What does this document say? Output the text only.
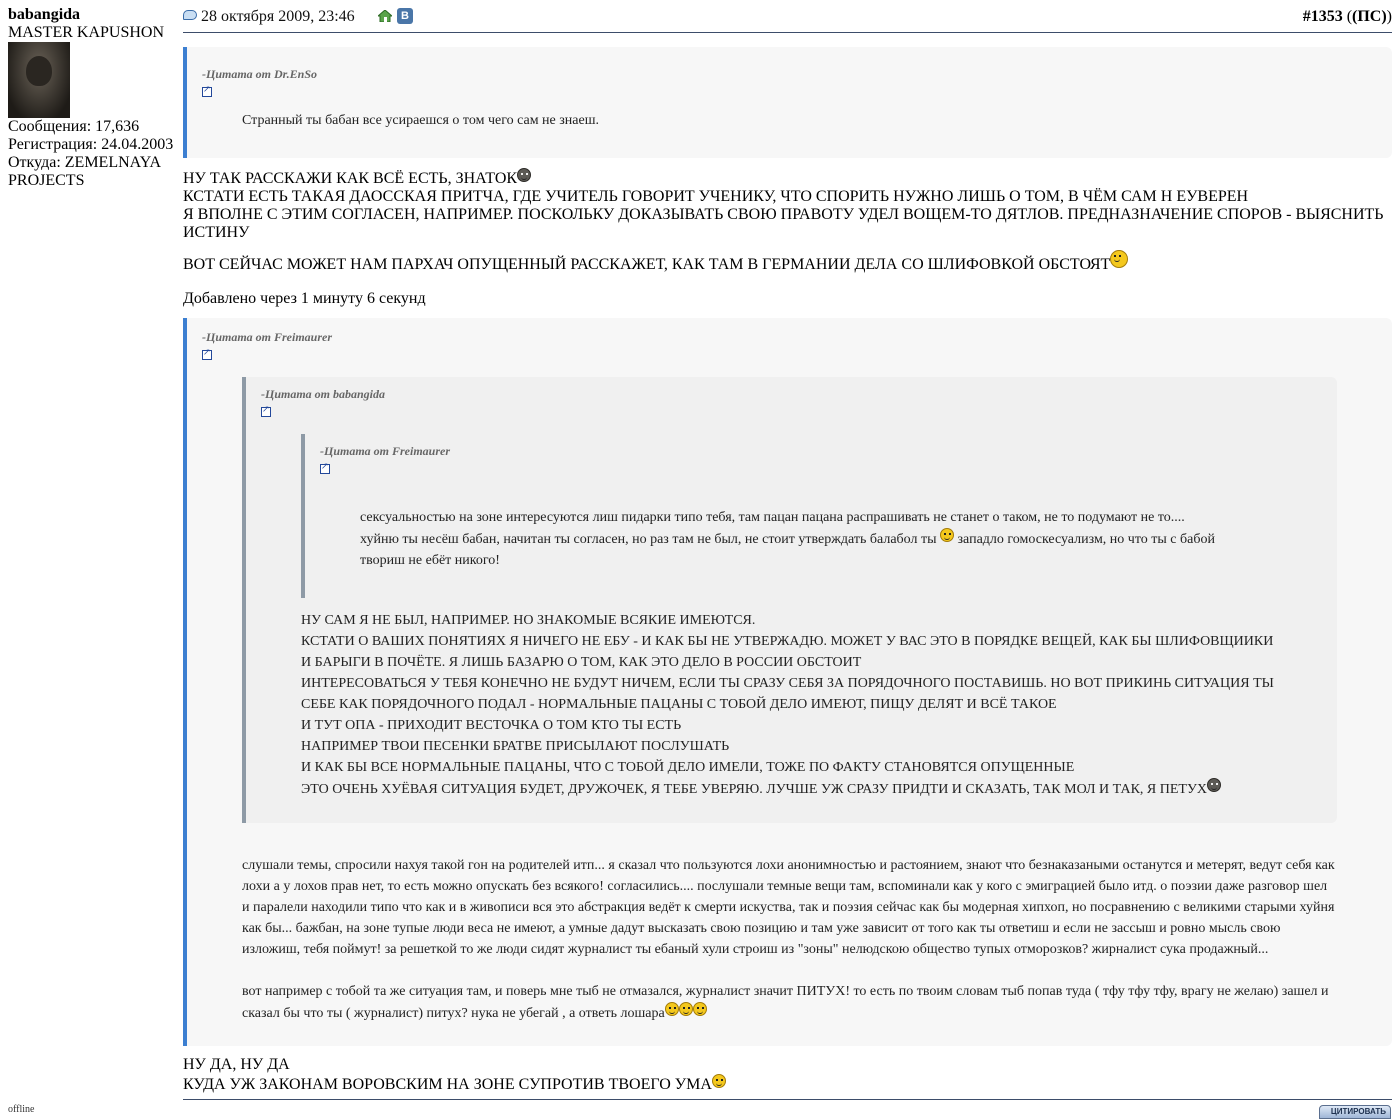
babangida
MASTER KAPUSHON
Сообщения: 17,636
Регистрация: 24.04.2003
Откуда: ZEMELNAYA
PROJECTS
offline
28 октября 2009, 23:46	В	#1353 ((ПС))
-Цитата от Dr.EnSo
↗
Странный ты бабан все усираешся о том чего сам не знаеш.
НУ ТАК РАССКАЖИ КАК ВСЁ ЕСТЬ, ЗНАТОК
КСТАТИ ЕСТЬ ТАКАЯ ДАОССКАЯ ПРИТЧА, ГДЕ УЧИТЕЛЬ ГОВОРИТ УЧЕНИКУ, ЧТО СПОРИТЬ НУЖНО ЛИШЬ О ТОМ, В ЧЁМ САМ Н ЕУВЕРЕН
Я ВПОЛНЕ С ЭТИМ СОГЛАСЕН, НАПРИМЕР. ПОСКОЛЬКУ ДОКАЗЫВАТЬ СВОЮ ПРАВОТУ УДЕЛ ВОЩЕМ-ТО ДЯТЛОВ. ПРЕДНАЗНАЧЕНИЕ СПОРОВ - ВЫЯСНИТЬ ИСТИНУ
ВОТ СЕЙЧАС МОЖЕТ НАМ ПАРХАЧ ОПУЩЕННЫЙ РАССКАЖЕТ, КАК ТАМ В ГЕРМАНИИ ДЕЛА СО ШЛИФОВКОЙ ОБСТОЯТ
Добавлено через 1 минуту 6 секунд
-Цитата от Freimaurer
↗
-Цитата от babangida
↗
-Цитата от Freimaurer
↗
сексуальностью на зоне интересуются лиш пидарки типо тебя, там пацан пацана распрашивать не станет о таком, не то подумают не то....
хуйню ты несёш бабан, начитан ты согласен, но раз там не был, не стоит утверждать балабол ты западло гомоскесуализм, но что ты с бабой
твориш не ебёт никого!
НУ САМ Я НЕ БЫЛ, НАПРИМЕР. НО ЗНАКОМЫЕ ВСЯКИЕ ИМЕЮТСЯ.
КСТАТИ О ВАШИХ ПОНЯТИЯХ Я НИЧЕГО НЕ ЕБУ - И КАК БЫ НЕ УТВЕРЖАДЮ. МОЖЕТ У ВАС ЭТО В ПОРЯДКЕ ВЕЩЕЙ, КАК БЫ ШЛИФОВЩИИКИ
И БАРЫГИ В ПОЧЁТЕ. Я ЛИШЬ БАЗАРЮ О ТОМ, КАК ЭТО ДЕЛО В РОССИИ ОБСТОИТ
ИНТЕРЕСОВАТЬСЯ У ТЕБЯ КОНЕЧНО НЕ БУДУТ НИЧЕМ, ЕСЛИ ТЫ СРАЗУ СЕБЯ ЗА ПОРЯДОЧНОГО ПОСТАВИШЬ. НО ВОТ ПРИКИНЬ СИТУАЦИЯ ТЫ
СЕБЕ КАК ПОРЯДОЧНОГО ПОДАЛ - НОРМАЛЬНЫЕ ПАЦАНЫ С ТОБОЙ ДЕЛО ИМЕЮТ, ПИЩУ ДЕЛЯТ И ВСЁ ТАКОЕ
И ТУТ ОПА - ПРИХОДИТ ВЕСТОЧКА О ТОМ КТО ТЫ ЕСТЬ
НАПРИМЕР ТВОИ ПЕСЕНКИ БРАТВЕ ПРИСЫЛАЮТ ПОСЛУШАТЬ
И КАК БЫ ВСЕ НОРМАЛЬНЫЕ ПАЦАНЫ, ЧТО С ТОБОЙ ДЕЛО ИМЕЛИ, ТОЖЕ ПО ФАКТУ СТАНОВЯТСЯ ОПУЩЕННЫЕ
ЭТО ОЧЕНЬ ХУЁВАЯ СИТУАЦИЯ БУДЕТ, ДРУЖОЧЕК, Я ТЕБЕ УВЕРЯЮ. ЛУЧШЕ УЖ СРАЗУ ПРИДТИ И СКАЗАТЬ, ТАК МОЛ И ТАК, Я ПЕТУХ
слушали темы, спросили нахуя такой гон на родителей итп... я сказал что пользуются лохи анонимностью и растоянием, знают что безнаказаными останутся и метерят, ведут себя как
лохи а у лохов прав нет, то есть можно опускать без всякого! согласились.... послушали темные вещи там, вспоминали как у кого с эмиграцией было итд. о поэзии даже разговор шел
и паралели находили типо что как и в живописи вся это абстракция ведёт к смерти искуства, так и поэзия сейчас как бы модерная хипхоп, но посравнению с великими старыми хуйня
как бы... бажбан, на зоне тупые люди веса не имеют, а умные дадут высказать свою позицию и там уже зависит от того как ты ответиш и если не зассыш и ровно мысль свою
изложиш, тебя поймут! за решеткой то же люди сидят журналист ты ебаный хули строиш из "зоны" нелюдскою общество тупых отморозков? жирналист сука продажный...
вот например с тобой та же ситуация там, и поверь мне тыб не отмазался, журналист значит ПИТУХ! то есть по твоим словам тыб попав туда ( тфу тфу тфу, врагу не желаю) зашел и
сказал бы что ты ( журналист) питух? нука не убегай , а ответь лошара
НУ ДА, НУ ДА
КУДА УЖ ЗАКОНАМ ВОРОВСКИМ НА ЗОНЕ СУПРОТИВ ТВОЕГО УМА
ЦИТИРОВАТЬ
